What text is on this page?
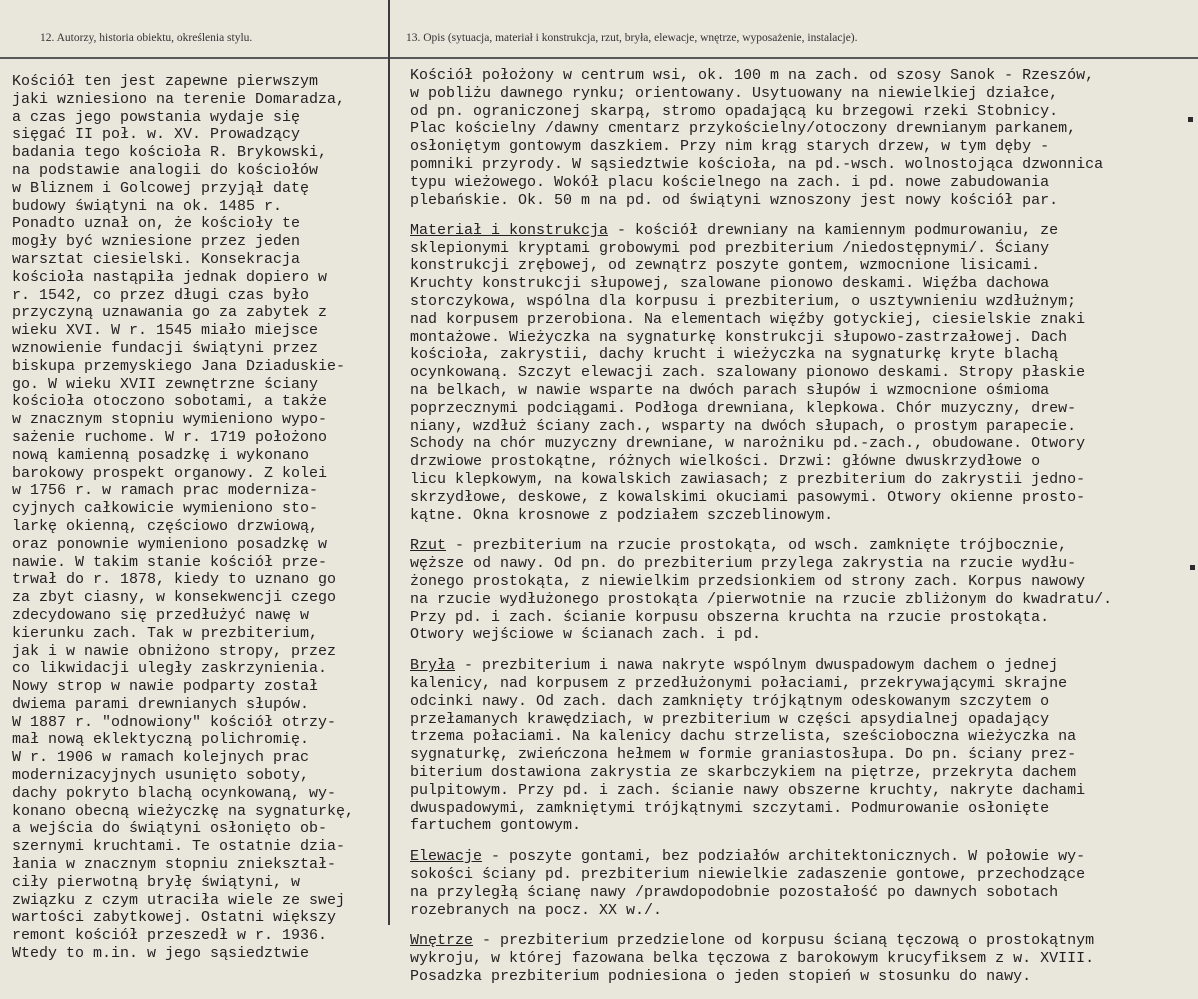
12. Autorzy, historia obiektu, określenia stylu.	13. Opis (sytuacja, materiał i konstrukcja, rzut, bryła, elewacje, wnętrze, wyposażenie, instalacje).
Kościół ten jest zapewne pierwszym
jaki wzniesiono na terenie Domaradza,
a czas jego powstania wydaje się
sięgać II poł. w. XV. Prowadzący
badania tego kościoła R. Brykowski,
na podstawie analogii do kościołów
w Bliznem i Golcowej przyjął datę
budowy świątyni na ok. 1485 r.
Ponadto uznał on, że kościoły te
mogły być wzniesione przez jeden
warsztat ciesielski. Konsekracja
kościoła nastąpiła jednak dopiero w
r. 1542, co przez długi czas było
przyczyną uznawania go za zabytek z
wieku XVI. W r. 1545 miało miejsce
wznowienie fundacji świątyni przez
biskupa przemyskiego Jana Dziaduskie-
go. W wieku XVII zewnętrzne ściany
kościoła otoczono sobotami, a także
w znacznym stopniu wymieniono wypo-
sażenie ruchome. W r. 1719 położono
nową kamienną posadzkę i wykonano
barokowy prospekt organowy. Z kolei
w 1756 r. w ramach prac moderniza-
cyjnych całkowicie wymieniono sto-
larkę okienną, częściowo drzwiową,
oraz ponownie wymieniono posadzkę w
nawie. W takim stanie kościół prze-
trwał do r. 1878, kiedy to uznano go
za zbyt ciasny, w konsekwencji czego
zdecydowano się przedłużyć nawę w
kierunku zach. Tak w prezbiterium,
jak i w nawie obniżono stropy, przez
co likwidacji uległy zaskrzynienia.
Nowy strop w nawie podparty został
dwiema parami drewnianych słupów.
W 1887 r. "odnowiony" kościół otrzy-
mał nową eklektyczną polichromię.
W r. 1906 w ramach kolejnych prac
modernizacyjnych usunięto soboty,
dachy pokryto blachą ocynkowaną, wy-
konano obecną wieżyczkę na sygnaturkę,
a wejścia do świątyni osłonięto ob-
szernymi kruchtami. Te ostatnie dzia-
łania w znacznym stopniu zniekształ-
ciły pierwotną bryłę świątyni, w
związku z czym utraciła wiele ze swej
wartości zabytkowej. Ostatni większy
remont kościół przeszedł w r. 1936.
Wtedy to m.in. w jego sąsiedztwie
Kościół położony w centrum wsi, ok. 100 m na zach. od szosy Sanok - Rzeszów,
w pobliżu dawnego rynku; orientowany. Usytuowany na niewielkiej działce,
od pn. ograniczonej skarpą, stromo opadającą ku brzegowi rzeki Stobnicy.
Plac kościelny /dawny cmentarz przykościelny/otoczony drewnianym parkanem,
osłoniętym gontowym daszkiem. Przy nim krąg starych drzew, w tym dęby -
pomniki przyrody. W sąsiedztwie kościoła, na pd.-wsch. wolnostojąca dzwonnica
typu wieżowego. Wokół placu kościelnego na zach. i pd. nowe zabudowania
plebańskie. Ok. 50 m na pd. od świątyni wznoszony jest nowy kościół par.
Materiał i konstrukcja - kościół drewniany na kamiennym podmurowaniu, ze
sklepionymi kryptami grobowymi pod prezbiterium /niedostępnymi/. Ściany
konstrukcji zrębowej, od zewnątrz poszyte gontem, wzmocnione lisicami.
Kruchty konstrukcji słupowej, szalowane pionowo deskami. Więźba dachowa
storczykowa, wspólna dla korpusu i prezbiterium, o usztywnieniu wzdłużnym;
nad korpusem przerobiona. Na elementach więźby gotyckiej, ciesielskie znaki
montażowe. Wieżyczka na sygnaturkę konstrukcji słupowo-zastrzałowej. Dach
kościoła, zakrystii, dachy krucht i wieżyczka na sygnaturkę kryte blachą
ocynkowaną. Szczyt elewacji zach. szalowany pionowo deskami. Stropy płaskie
na belkach, w nawie wsparte na dwóch parach słupów i wzmocnione ośmioma
poprzecznymi podciągami. Podłoga drewniana, klepkowa. Chór muzyczny, drew-
niany, wzdłuż ściany zach., wsparty na dwóch słupach, o prostym parapecie.
Schody na chór muzyczny drewniane, w narożniku pd.-zach., obudowane. Otwory
drzwiowe prostokątne, różnych wielkości. Drzwi: główne dwuskrzydłowe o
licu klepkowym, na kowalskich zawiasach; z prezbiterium do zakrystii jedno-
skrzydłowe, deskowe, z kowalskimi okuciami pasowymi. Otwory okienne prosto-
kątne. Okna krosnowe z podziałem szczeblinowym.
Rzut - prezbiterium na rzucie prostokąta, od wsch. zamknięte trójbocznie,
węższe od nawy. Od pn. do prezbiterium przylega zakrystia na rzucie wydłu-
żonego prostokąta, z niewielkim przedsionkiem od strony zach. Korpus nawowy
na rzucie wydłużonego prostokąta /pierwotnie na rzucie zbliżonym do kwadratu/.
Przy pd. i zach. ścianie korpusu obszerna kruchta na rzucie prostokąta.
Otwory wejściowe w ścianach zach. i pd.
Bryła - prezbiterium i nawa nakryte wspólnym dwuspadowym dachem o jednej
kalenicy, nad korpusem z przedłużonymi połaciami, przekrywającymi skrajne
odcinki nawy. Od zach. dach zamknięty trójkątnym odeskowanym szczytem o
przełamanych krawędziach, w prezbiterium w części apsydialnej opadający
trzema połaciami. Na kalenicy dachu strzelista, sześcioboczna wieżyczka na
sygnaturkę, zwieńczona hełmem w formie graniastosłupa. Do pn. ściany prez-
biterium dostawiona zakrystia ze skarbczykiem na piętrze, przekryta dachem
pulpitowym. Przy pd. i zach. ścianie nawy obszerne kruchty, nakryte dachami
dwuspadowymi, zamkniętymi trójkątnymi szczytami. Podmurowanie osłonięte
fartuchem gontowym.
Elewacje - poszyte gontami, bez podziałów architektonicznych. W połowie wy-
sokości ściany pd. prezbiterium niewielkie zadaszenie gontowe, przechodzące
na przyległą ścianę nawy /prawdopodobnie pozostałość po dawnych sobotach
rozebranych na pocz. XX w./.
Wnętrze - prezbiterium przedzielone od korpusu ścianą tęczową o prostokątnym
wykroju, w której fazowana belka tęczowa z barokowym krucyfiksem z w. XVIII.
Posadzka prezbiterium podniesiona o jeden stopień w stosunku do nawy.
